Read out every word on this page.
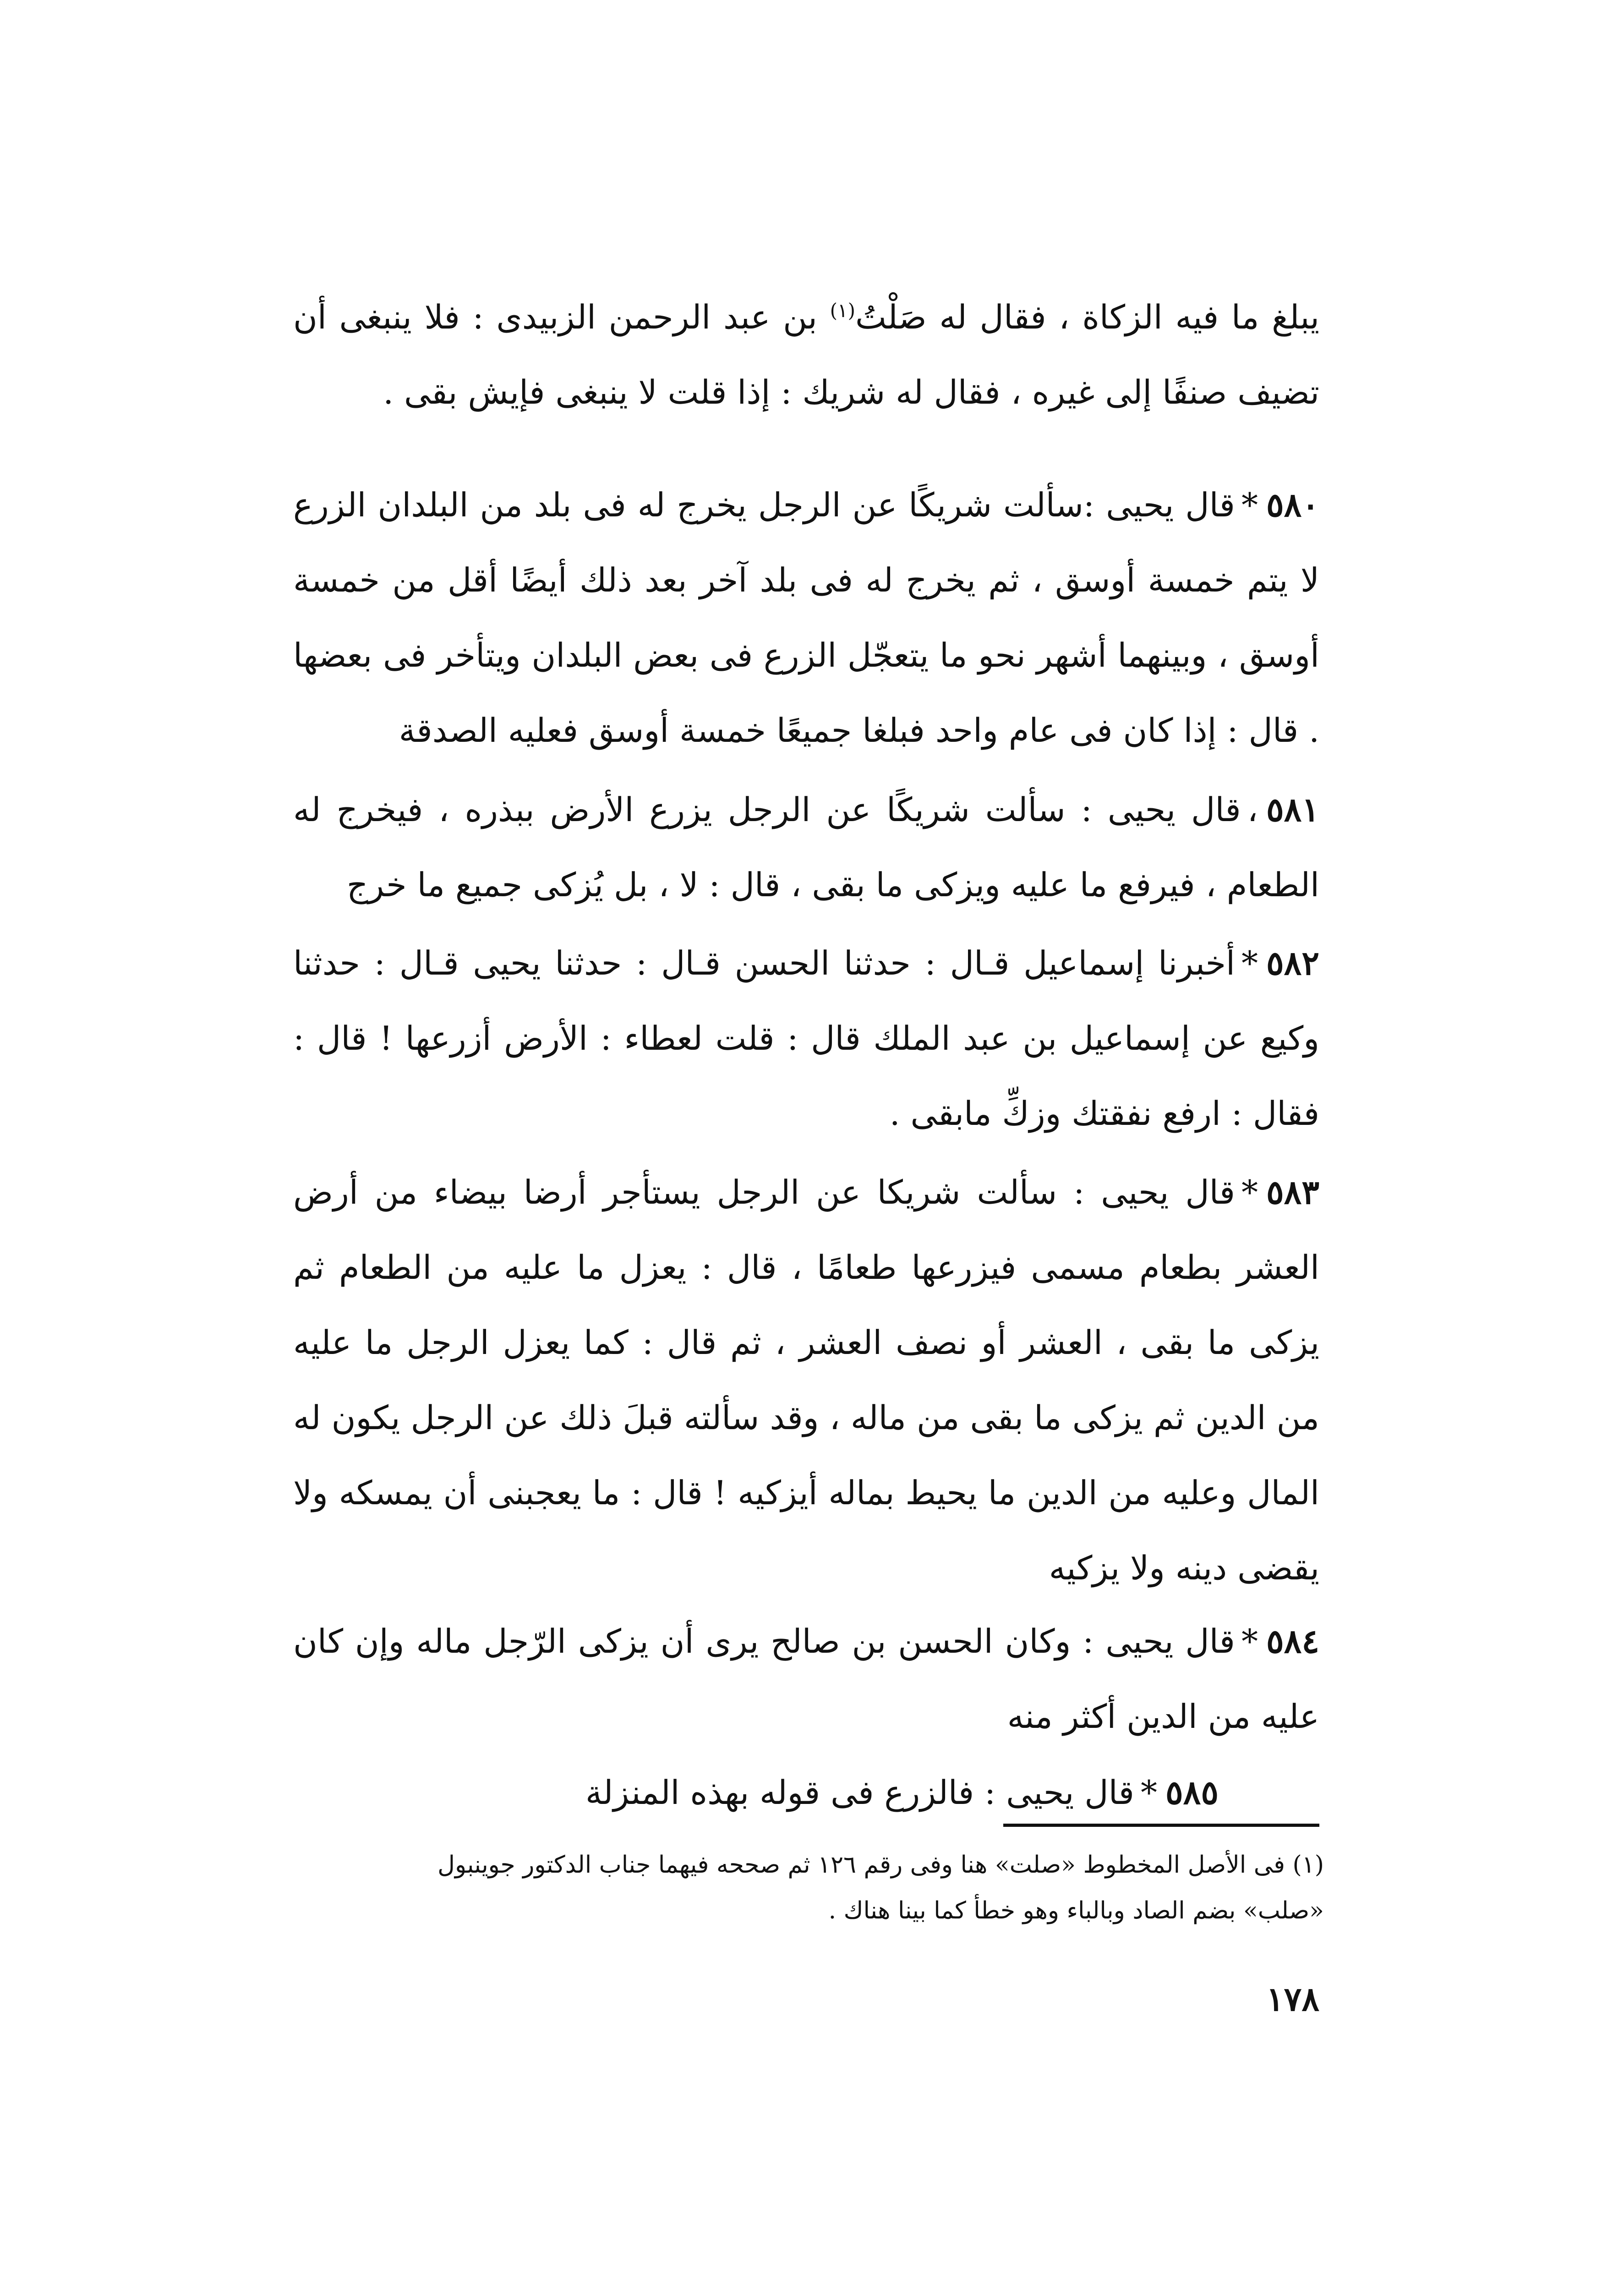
يبلغ ما فيه الزكاة ، فقال له صَلْتُ$^{(١)}$ بن عبد الرحمن الزبيدى : فلا ينبغى أن تضيف صنفًا إلى غيره ، فقال له شريك : إذا قلت لا ينبغى فإيش بقى .

٥٨٠*قال يحيى :سألت شريكًا عن الرجل يخرج له فى بلد من البلدان الزرع لا يتم خمسة أوسق ، ثم يخرج له فى بلد آخر بعد ذلك أيضًا أقل من خمسة أوسق ، وبينهما أشهر نحو ما يتعجّل الزرع فى بعض البلدان ويتأخر فى بعضها . قال : إذا كان فى عام واحد فبلغا جميعًا خمسة أوسق فعليه الصدقة

٥٨١،قال يحيى : سألت شريكًا عن الرجل يزرع الأرض ببذره ، فيخرج له الطعام ، فيرفع ما عليه ويزكى ما بقى ، قال : لا ، بل يُزكى جميع ما خرج

٥٨٢*أخبرنا إسماعيل قـال : حدثنا الحسن قـال : حدثنا يحيى قـال : حدثنا وكيع عن إسماعيل بن عبد الملك قال : قلت لعطاء : الأرض أزرعها ! قال : فقال : ارفع نفقتك وزكِّ مابقى .

٥٨٣*قال يحيى : سألت شريكا عن الرجل يستأجر أرضا بيضاء من أرض العشر بطعام مسمى فيزرعها طعامًا ، قال : يعزل ما عليه من الطعام ثم يزكى ما بقى ، العشر أو نصف العشر ، ثم قال : كما يعزل الرجل ما عليه من الدين ثم يزكى ما بقى من ماله ، وقد سألته قبلَ ذلك عن الرجل يكون له المال وعليه من الدين ما يحيط بماله أيزكيه ! قال : ما يعجبنى أن يمسكه ولا يقضى دينه ولا يزكيه

٥٨٤*قال يحيى : وكان الحسن بن صالح يرى أن يزكى الرّجل ماله وإن كان عليه من الدين أكثر منه

٥٨٥*قال يحيى : فالزرع فى قوله بهذه المنزلة

(١) فى الأصل المخطوط «صلت» هنا وفى رقم ١٢٦ ثم صححه فيهما جناب الدكتور جوينبول

«صلب» بضم الصاد وبالباء وهو خطأ كما بينا هناك .

١٧٨
